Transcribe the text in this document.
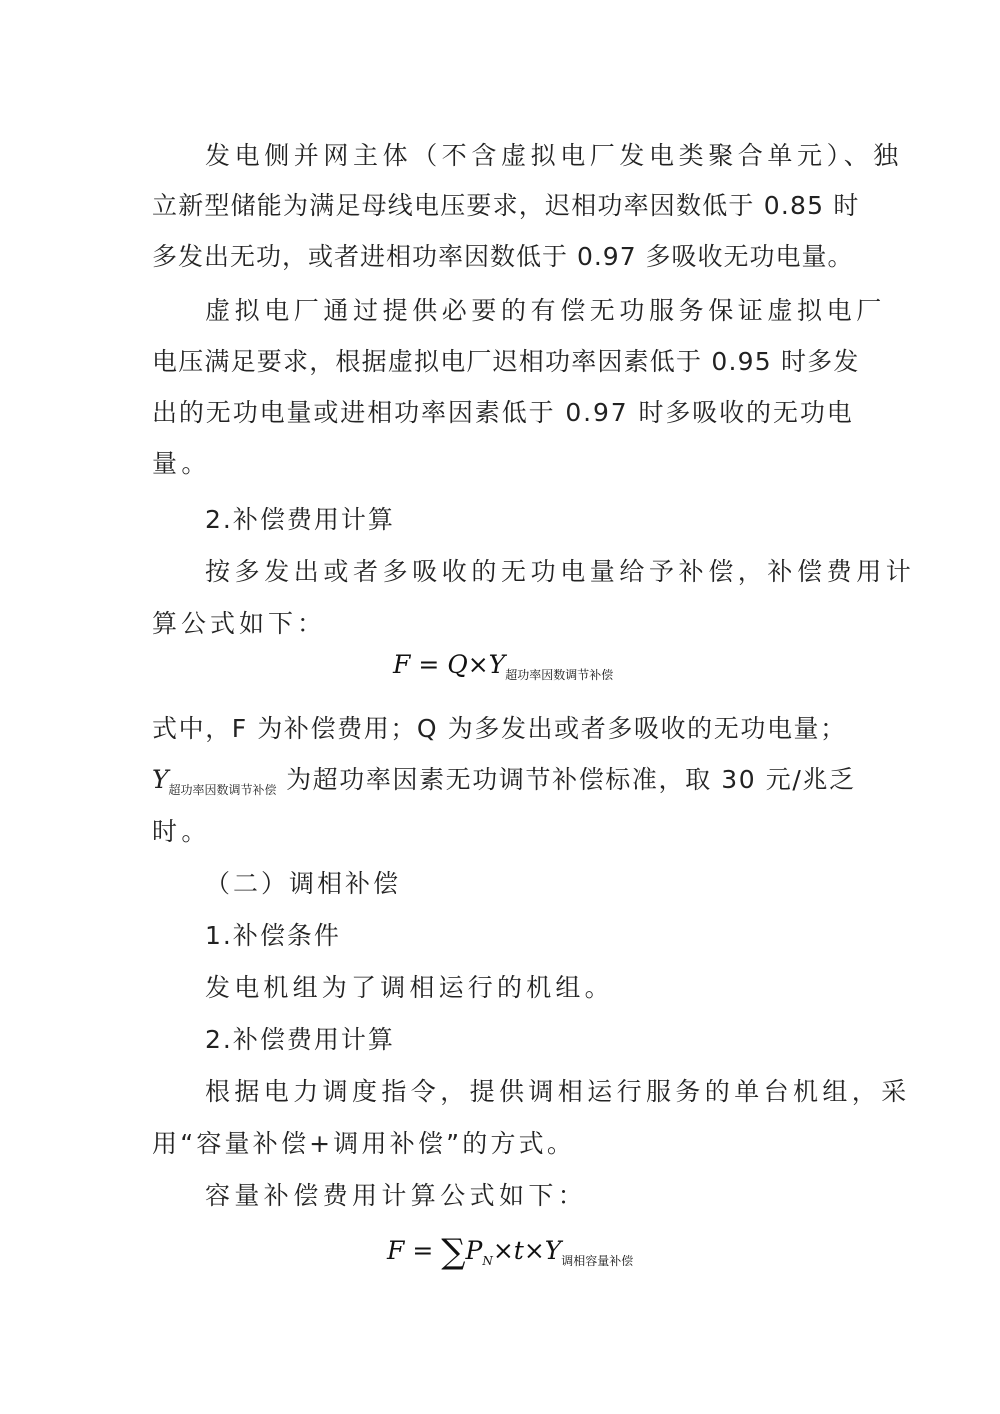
发电侧并网主体（不含虚拟电厂发电类聚合单元）、独
立新型储能为满足母线电压要求，迟相功率因数低于 0.85 时
多发出无功，或者进相功率因数低于 0.97 多吸收无功电量。
虚拟电厂通过提供必要的有偿无功服务保证虚拟电厂
电压满足要求，根据虚拟电厂迟相功率因素低于 0.95 时多发
出的无功电量或进相功率因素低于 0.97 时多吸收的无功电
量。
2.补偿费用计算
按多发出或者多吸收的无功电量给予补偿，补偿费用计
算公式如下：
$F = Q\times Y_{超功率因数调节补偿}$
式中，F 为补偿费用；Q 为多发出或者多吸收的无功电量；
$Y_{超功率因数调节补偿}$ 为超功率因素无功调节补偿标准，取 30 元/兆乏
时。
（二）调相补偿
1.补偿条件
发电机组为了调相运行的机组。
2.补偿费用计算
根据电力调度指令，提供调相运行服务的单台机组，采
用“容量补偿+调用补偿”的方式。
容量补偿费用计算公式如下：
$F = \sum P_N\times t\times Y_{调相容量补偿}$
